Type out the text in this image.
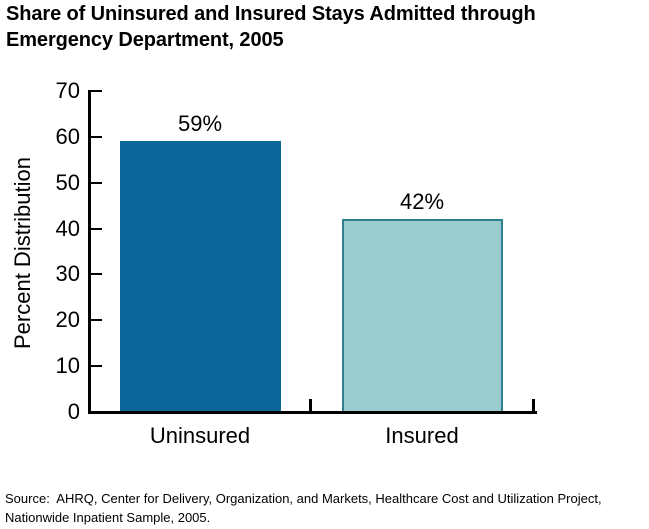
Share of Uninsured and Insured Stays Admitted through
Emergency Department, 2005
Percent Distribution
0
10
20
30
40
50
60
70
59%
Uninsured
42%
Insured
Source:  AHRQ, Center for Delivery, Organization, and Markets, Healthcare Cost and Utilization Project,
Nationwide Inpatient Sample, 2005.
